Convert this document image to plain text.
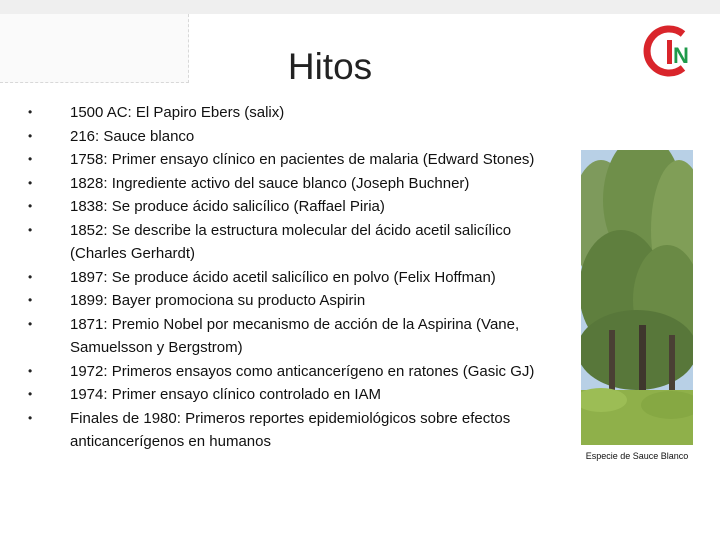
Hitos	N
•	1500 AC: El Papiro Ebers (salix)
•	216: Sauce blanco
•	1758: Primer ensayo clínico en pacientes de malaria (Edward Stones)
•	1828: Ingrediente activo del sauce blanco (Joseph Buchner)
•	1838: Se produce ácido salicílico (Raffael Piria)
•	1852: Se describe la estructura molecular del ácido acetil salicílico (Charles Gerhardt)
•	1897: Se produce ácido acetil salicílico en polvo (Felix Hoffman)
•	1899: Bayer promociona su producto Aspirin
•	1871: Premio Nobel por mecanismo de acción de la Aspirina (Vane, Samuelsson y Bergstrom)
•	1972: Primeros ensayos como anticancerígeno en ratones (Gasic GJ)
•	1974: Primer ensayo clínico controlado en IAM
•	Finales de 1980: Primeros reportes epidemiológicos sobre efectos anticancerígenos en humanos
Especie de Sauce Blanco
